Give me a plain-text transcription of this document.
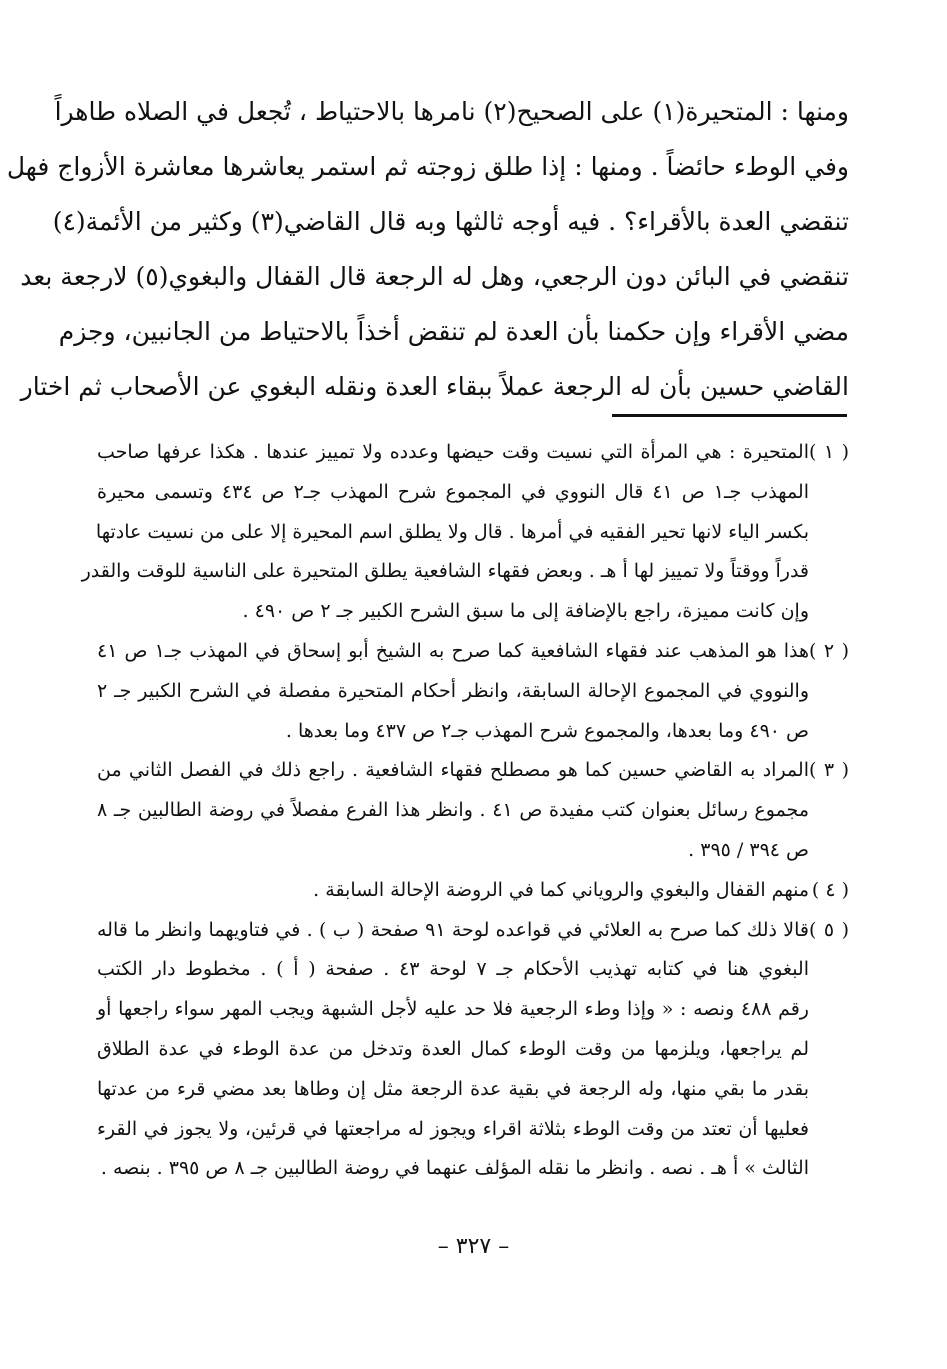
ومنها : المتحيرة(١) على الصحيح(٢) نامرها بالاحتياط ، تُجعل في الصلاه طاهراً
وفي الوطء حائضاً . ومنها : إذا طلق زوجته ثم استمر يعاشرها معاشرة الأزواج فهل
تنقضي العدة بالأقراء؟ . فيه أوجه ثالثها وبه قال القاضي(٣) وكثير من الأئمة(٤)
تنقضي في البائن دون الرجعي، وهل له الرجعة قال القفال والبغوي(٥) لارجعة بعد
مضي الأقراء وإن حكمنا بأن العدة لم تنقض أخذاً بالاحتياط من الجانبين، وجزم
القاضي حسين بأن له الرجعة عملاً ببقاء العدة ونقله البغوي عن الأصحاب ثم اختار
( ١ )المتحيرة : هي المرأة التي نسيت وقت حيضها وعدده ولا تمييز عندها . هكذا عرفها صاحب
المهذب جـ١ ص ٤١ قال النووي في المجموع شرح المهذب جـ٢ ص ٤٣٤ وتسمى محيرة
بكسر الياء لانها تحير الفقيه في أمرها . قال ولا يطلق اسم المحيرة إلا على من نسيت عادتها
قدراً ووقتاً ولا تمييز لها أ هـ . وبعض فقهاء الشافعية يطلق المتحيرة على الناسية للوقت والقدر
وإن كانت مميزة، راجع بالإضافة إلى ما سبق الشرح الكبير جـ ٢ ص ٤٩٠ .
( ٢ )هذا هو المذهب عند فقهاء الشافعية كما صرح به الشيخ أبو إسحاق في المهذب جـ١ ص ٤١
والنووي في المجموع الإحالة السابقة، وانظر أحكام المتحيرة مفصلة في الشرح الكبير جـ ٢
ص ٤٩٠ وما بعدها، والمجموع شرح المهذب جـ٢ ص ٤٣٧ وما بعدها .
( ٣ )المراد به القاضي حسين كما هو مصطلح فقهاء الشافعية . راجع ذلك في الفصل الثاني من
مجموع رسائل بعنوان كتب مفيدة ص ٤١ . وانظر هذا الفرع مفصلاً في روضة الطالبين جـ ٨
ص ٣٩٤ / ٣٩٥ .
( ٤ )منهم القفال والبغوي والروياني كما في الروضة الإحالة السابقة .
( ٥ )قالا ذلك كما صرح به العلائي في قواعده لوحة ٩١ صفحة ( ب ) . في فتاويهما وانظر ما قاله
البغوي هنا في كتابه تهذيب الأحكام جـ ٧ لوحة ٤٣ . صفحة ( أ ) . مخطوط دار الكتب
رقم ٤٨٨ ونصه : « وإذا وطء الرجعية فلا حد عليه لأجل الشبهة ويجب المهر سواء راجعها أو
لم يراجعها، ويلزمها من وقت الوطء كمال العدة وتدخل من عدة الوطء في عدة الطلاق
بقدر ما بقي منها، وله الرجعة في بقية عدة الرجعة مثل إن وطاها بعد مضي قرء من عدتها
فعليها أن تعتد من وقت الوطء بثلاثة اقراء ويجوز له مراجعتها في قرئين، ولا يجوز في القرء
الثالث » أ هـ . نصه . وانظر ما نقله المؤلف عنهما في روضة الطالبين جـ ٨ ص ٣٩٥ . بنصه .
– ٣٢٧ –
